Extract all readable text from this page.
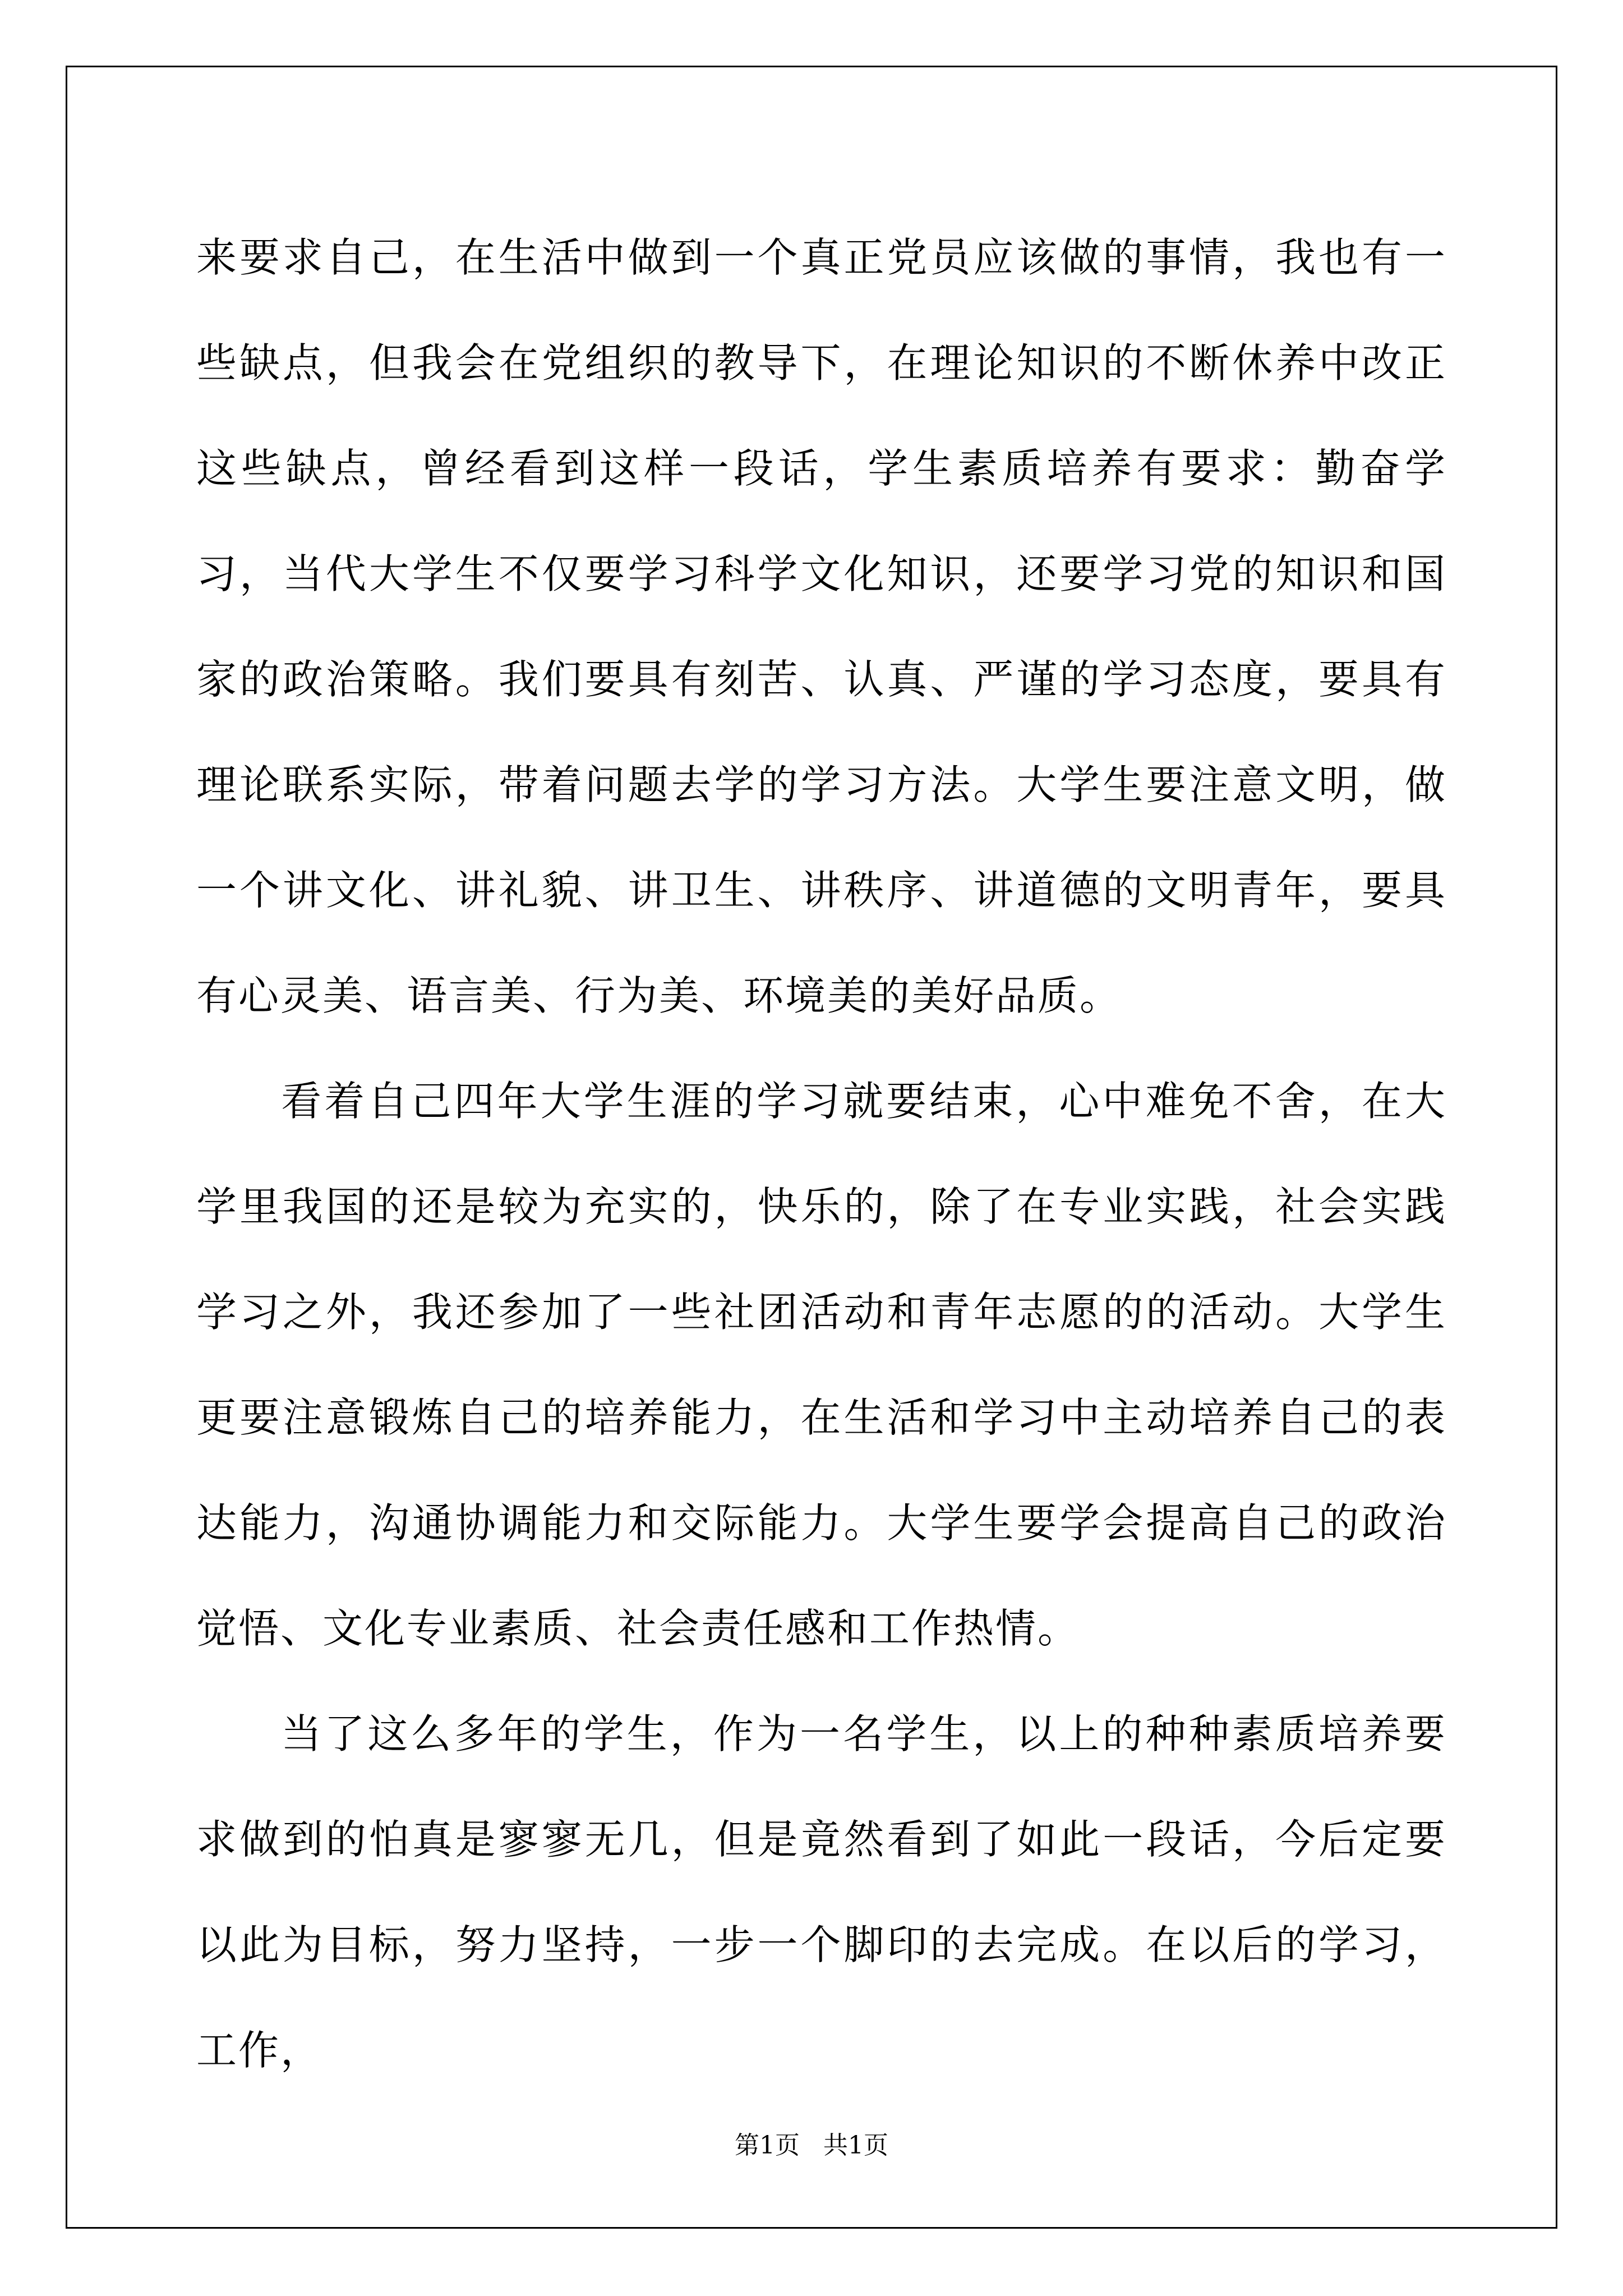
来要求自己，在生活中做到一个真正党员应该做的事情，我也有一些缺点，但我会在党组织的教导下，在理论知识的不断休养中改正这些缺点，曾经看到这样一段话，学生素质培养有要求：勤奋学习，当代大学生不仅要学习科学文化知识，还要学习党的知识和国家的政治策略。我们要具有刻苦、认真、严谨的学习态度，要具有理论联系实际，带着问题去学的学习方法。大学生要注意文明，做一个讲文化、讲礼貌、讲卫生、讲秩序、讲道德的文明青年，要具有心灵美、语言美、行为美、环境美的美好品质。

看着自己四年大学生涯的学习就要结束，心中难免不舍，在大学里我国的还是较为充实的，快乐的，除了在专业实践，社会实践学习之外，我还参加了一些社团活动和青年志愿的的活动。大学生更要注意锻炼自己的培养能力，在生活和学习中主动培养自己的表达能力，沟通协调能力和交际能力。大学生要学会提高自己的政治觉悟、文化专业素质、社会责任感和工作热情。

当了这么多年的学生，作为一名学生，以上的种种素质培养要求做到的怕真是寥寥无几，但是竟然看到了如此一段话，今后定要以此为目标，努力坚持，一步一个脚印的去完成。在以后的学习，工作，

第1页   共1页
